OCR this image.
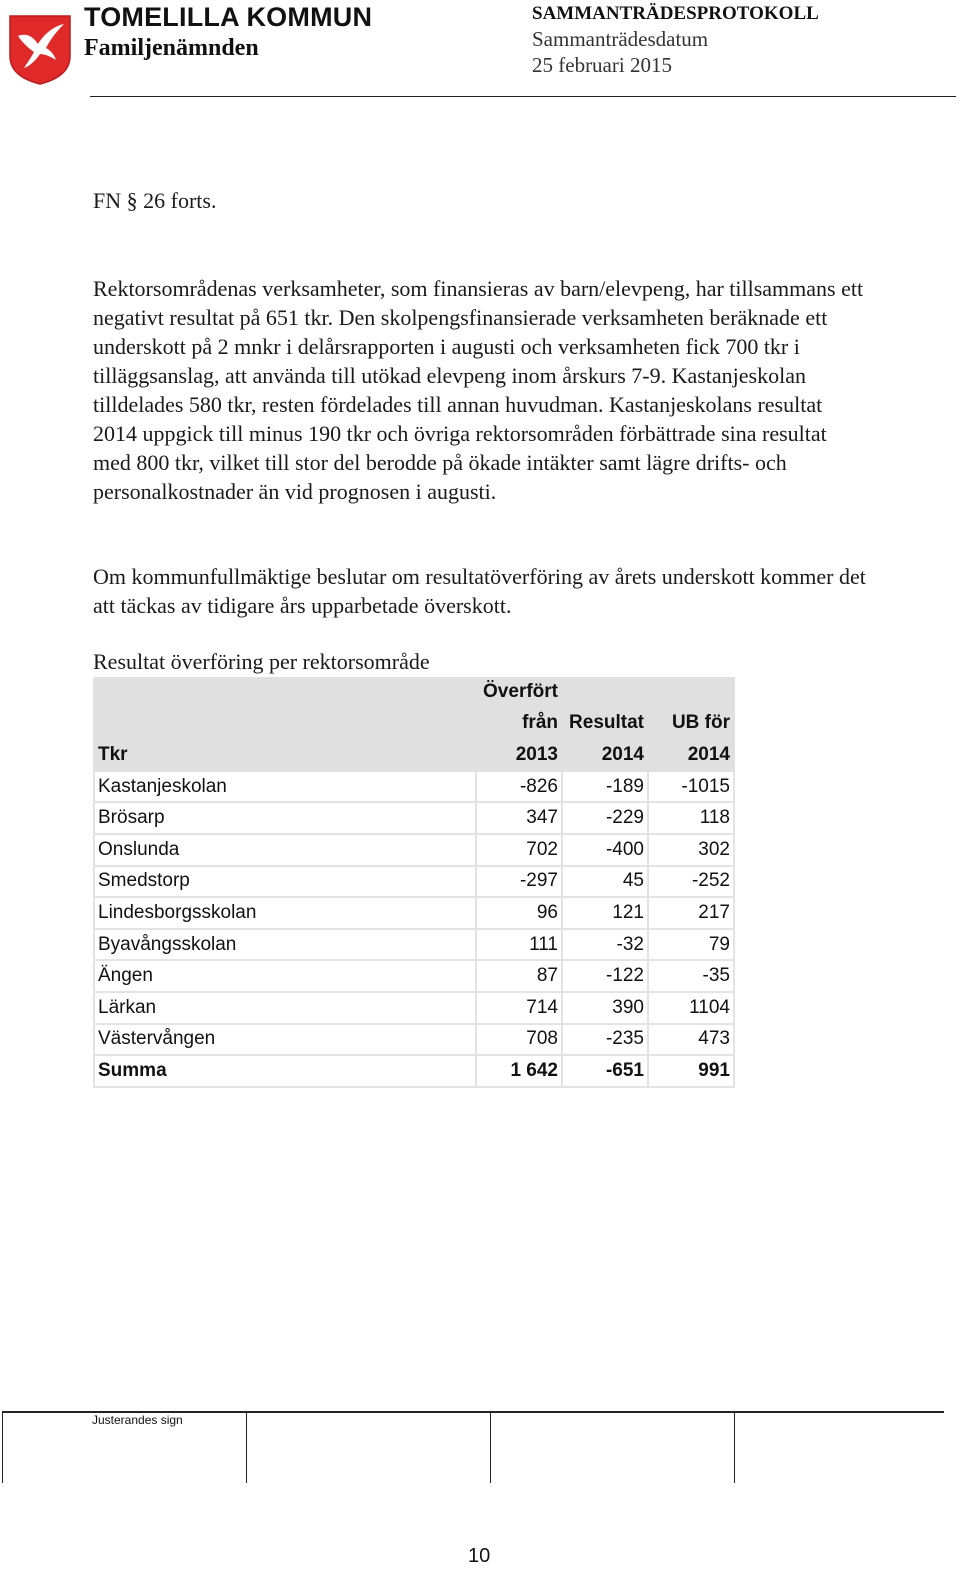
TOMELILLA KOMMUN
Familjenämnden
SAMMANTRÄDESPROTOKOLL
Sammanträdesdatum
25 februari 2015
FN § 26 forts.

Rektorsområdenas verksamheter, som finansieras av barn/elevpeng, har tillsammans ett negativt resultat på 651 tkr. Den skolpengsfinansierade verksamheten beräknade ett underskott på 2 mnkr i delårsrapporten i augusti och verksamheten fick 700 tkr i tilläggsanslag, att använda till utökad elevpeng inom årskurs 7-9. Kastanjeskolan tilldelades 580 tkr, resten fördelades till annan huvudman. Kastanjeskolans resultat 2014 uppgick till minus 190 tkr och övriga rektorsområden förbättrade sina resultat med 800 tkr, vilket till stor del berodde på ökade intäkter samt lägre drifts- och personalkostnader än vid prognosen i augusti.

Om kommunfullmäktige beslutar om resultatöverföring av årets underskott kommer det att täckas av tidigare års upparbetade överskott.

Resultat överföring per rektorsområde
	Överfört		
	från	Resultat	UB för
Tkr	2013	2014	2014
Kastanjeskolan	-826	-189	-1015
Brösarp	347	-229	118
Onslunda	702	-400	302
Smedstorp	-297	45	-252
Lindesborgsskolan	96	121	217
Byavångsskolan	111	-32	79
Ängen	87	-122	-35
Lärkan	714	390	1104
Västervången	708	-235	473
Summa	1 642	-651	991
Justerandes sign
10
